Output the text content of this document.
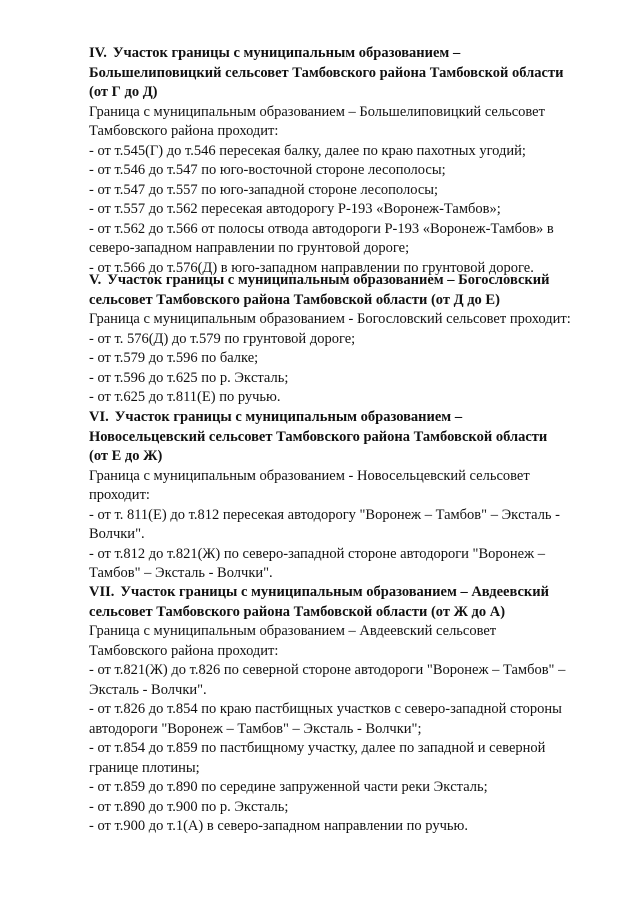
IV. Участок границы с муниципальным образованием –

Большелиповицкий сельсовет Тамбовского района Тамбовской области

(от Г до Д)

Граница с муниципальным образованием – Большелиповицкий сельсовет

Тамбовского района проходит:

- от т.545(Г) до т.546 пересекая балку, далее по краю пахотных угодий;

- от т.546 до т.547 по юго-восточной стороне лесополосы;

- от т.547 до т.557 по юго-западной стороне лесополосы;

- от т.557 до т.562 пересекая автодорогу Р-193 «Воронеж-Тамбов»;

- от т.562 до т.566 от полосы отвода автодороги Р-193 «Воронеж-Тамбов» в

северо-западном направлении по грунтовой дороге;

- от т.566 до т.576(Д) в юго-западном направлении по грунтовой дороге.

V. Участок границы с муниципальным образованием – Богословский

сельсовет Тамбовского района Тамбовской области (от Д до Е)

Граница с муниципальным образованием - Богословский сельсовет проходит:

- от т. 576(Д) до т.579 по грунтовой дороге;

- от т.579 до т.596 по балке;

- от т.596 до т.625 по р. Экcталь;

- от т.625 до т.811(Е) по ручью.

VI. Участок границы с муниципальным образованием –

Новосельцевский сельсовет Тамбовского района Тамбовской области

(от Е до Ж)

Граница с муниципальным образованием - Новосельцевский сельсовет

проходит:

- от т. 811(Е) до т.812 пересекая автодорогу "Воронеж – Тамбов" – Экcталь -

Волчки".

- от т.812 до т.821(Ж) по северо-западной стороне автодороги "Воронеж –

Тамбов" – Экcталь - Волчки".

VII. Участок границы с муниципальным образованием – Авдеевский

сельсовет Тамбовского района Тамбовской области (от Ж до А)

Граница с муниципальным образованием – Авдеевский сельсовет

Тамбовского района проходит:

- от т.821(Ж) до т.826 по северной стороне автодороги "Воронеж – Тамбов" –

Экcталь - Волчки".

- от т.826 до т.854 по краю пастбищных участков с северо-западной стороны

автодороги "Воронеж – Тамбов" – Экcталь - Волчки";

- от т.854 до т.859 по пастбищному участку, далее по западной и северной

границе плотины;

- от т.859 до т.890 по середине запруженной части реки Экcталь;

- от т.890 до т.900 по р. Экcталь;

- от т.900 до т.1(А) в северо-западном направлении по ручью.
